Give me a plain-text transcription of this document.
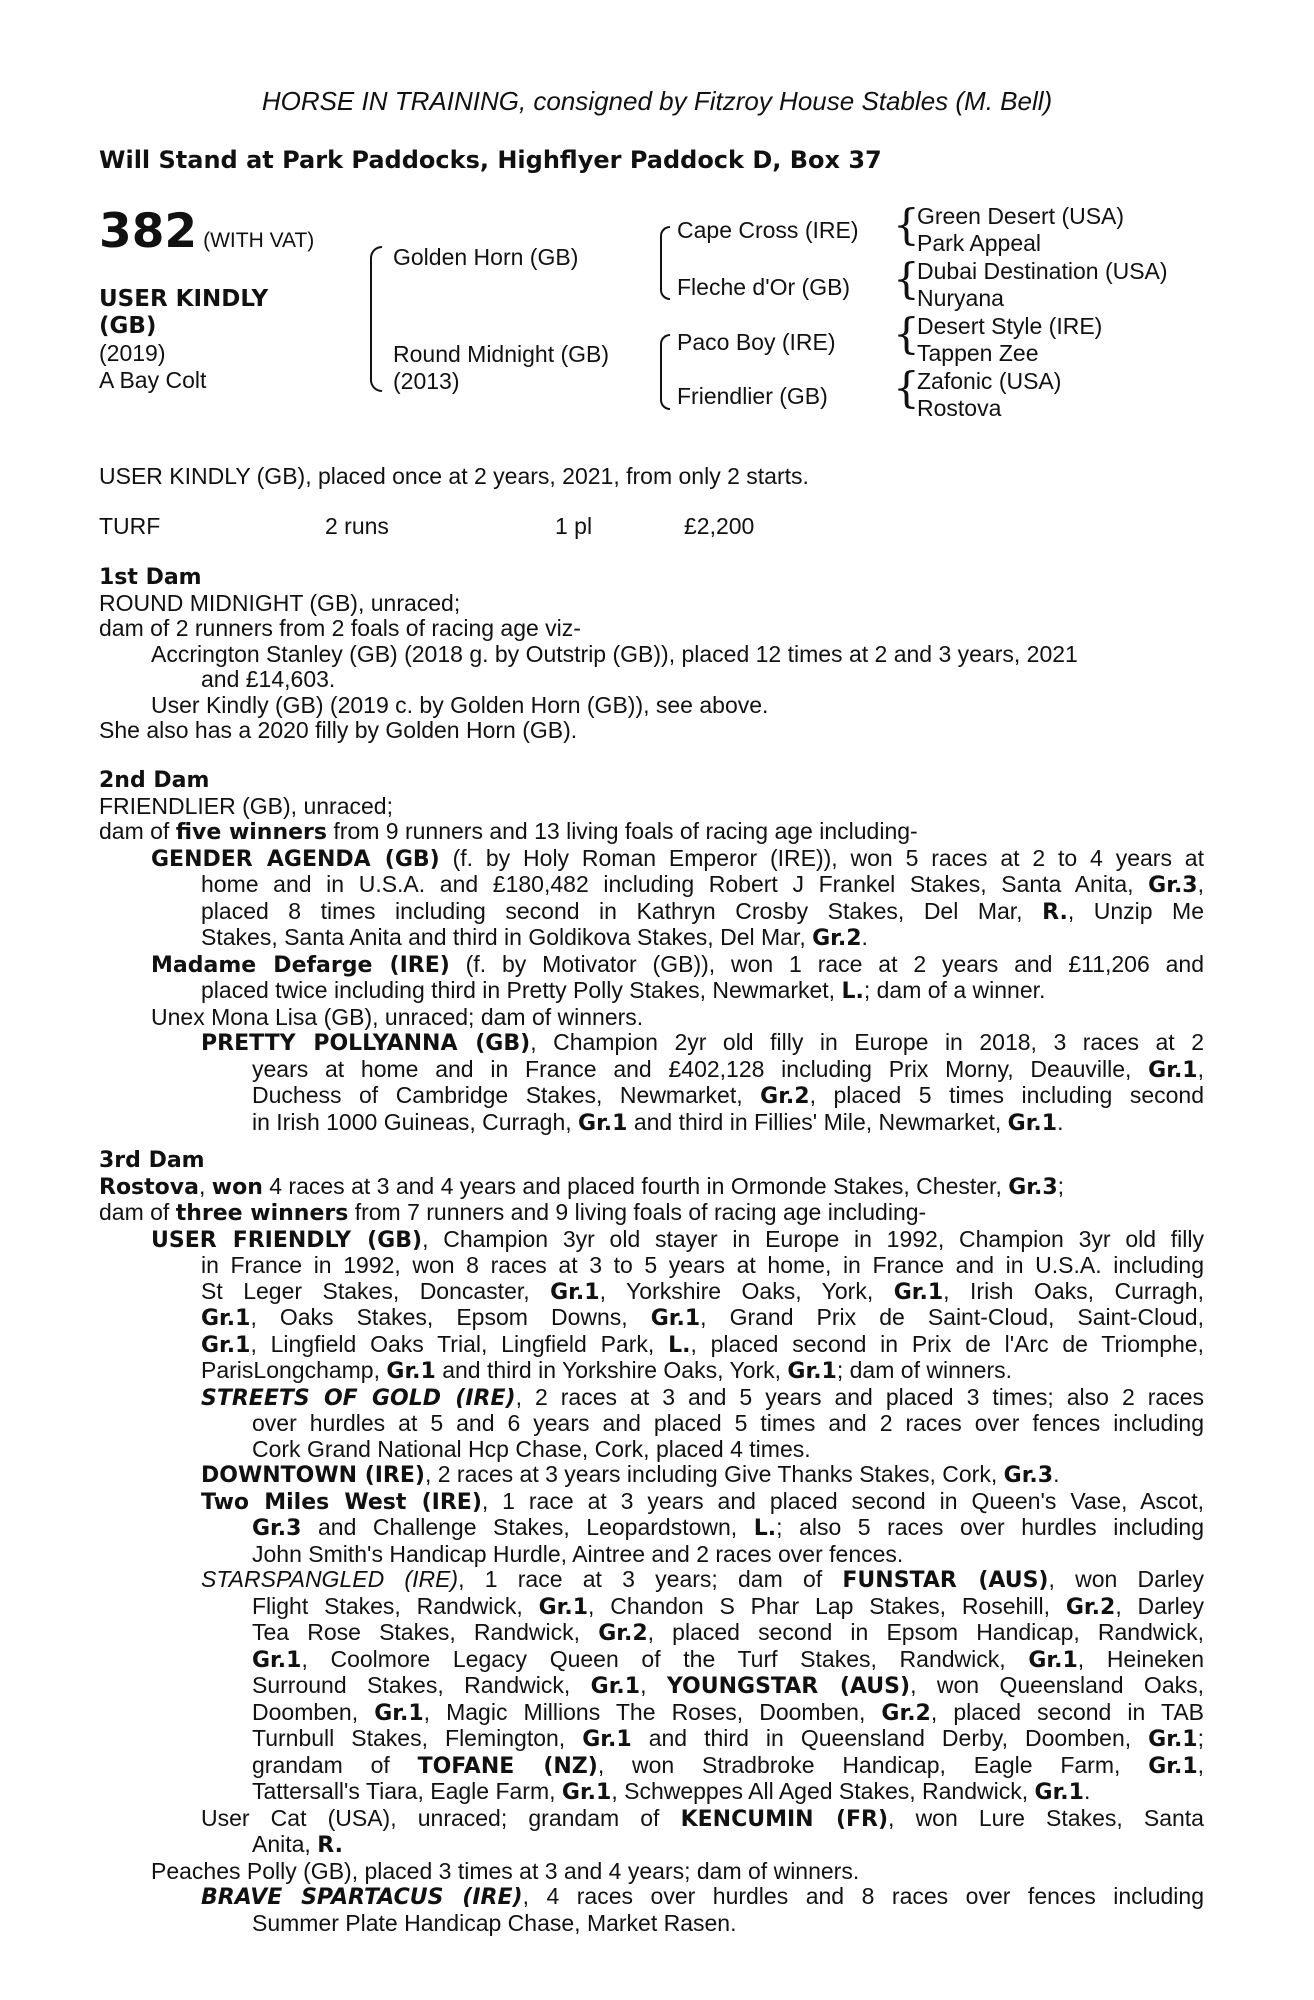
HORSE IN TRAINING, consigned by Fitzroy House Stables (M. Bell)
Will Stand at Park Paddocks, Highflyer Paddock D, Box 37
382 (WITH VAT)
USER KINDLY
(GB)
(2019)
A Bay Colt
Golden Horn (GB)
Round Midnight (GB)
(2013)
Cape Cross (IRE)
Fleche d'Or (GB)
Paco Boy (IRE)
Friendlier (GB)
{
{
{
{
Green Desert (USA)
Park Appeal
Dubai Destination (USA)
Nuryana
Desert Style (IRE)
Tappen Zee
Zafonic (USA)
Rostova
USER KINDLY (GB), placed once at 2 years, 2021, from only 2 starts.
TURF	2 runs	1 pl	£2,200
1st Dam
ROUND MIDNIGHT (GB), unraced;
dam of 2 runners from 2 foals of racing age viz-
Accrington Stanley (GB) (2018 g. by Outstrip (GB)), placed 12 times at 2 and 3 years, 2021
and £14,603.
User Kindly (GB) (2019 c. by Golden Horn (GB)), see above.
She also has a 2020 filly by Golden Horn (GB).
2nd Dam
FRIENDLIER (GB), unraced;
dam of five winners from 9 runners and 13 living foals of racing age including-
GENDER AGENDA (GB) (f. by Holy Roman Emperor (IRE)), won 5 races at 2 to 4 years at
home and in U.S.A. and £180,482 including Robert J Frankel Stakes, Santa Anita, Gr.3,
placed 8 times including second in Kathryn Crosby Stakes, Del Mar, R., Unzip Me
Stakes, Santa Anita and third in Goldikova Stakes, Del Mar, Gr.2.
Madame Defarge (IRE) (f. by Motivator (GB)), won 1 race at 2 years and £11,206 and
placed twice including third in Pretty Polly Stakes, Newmarket, L.; dam of a winner.
Unex Mona Lisa (GB), unraced; dam of winners.
PRETTY POLLYANNA (GB), Champion 2yr old filly in Europe in 2018, 3 races at 2
years at home and in France and £402,128 including Prix Morny, Deauville, Gr.1,
Duchess of Cambridge Stakes, Newmarket, Gr.2, placed 5 times including second
in Irish 1000 Guineas, Curragh, Gr.1 and third in Fillies' Mile, Newmarket, Gr.1.
3rd Dam
Rostova, won 4 races at 3 and 4 years and placed fourth in Ormonde Stakes, Chester, Gr.3;
dam of three winners from 7 runners and 9 living foals of racing age including-
USER FRIENDLY (GB), Champion 3yr old stayer in Europe in 1992, Champion 3yr old filly
in France in 1992, won 8 races at 3 to 5 years at home, in France and in U.S.A. including
St Leger Stakes, Doncaster, Gr.1, Yorkshire Oaks, York, Gr.1, Irish Oaks, Curragh,
Gr.1, Oaks Stakes, Epsom Downs, Gr.1, Grand Prix de Saint-Cloud, Saint-Cloud,
Gr.1, Lingfield Oaks Trial, Lingfield Park, L., placed second in Prix de l'Arc de Triomphe,
ParisLongchamp, Gr.1 and third in Yorkshire Oaks, York, Gr.1; dam of winners.
STREETS OF GOLD (IRE), 2 races at 3 and 5 years and placed 3 times; also 2 races
over hurdles at 5 and 6 years and placed 5 times and 2 races over fences including
Cork Grand National Hcp Chase, Cork, placed 4 times.
DOWNTOWN (IRE), 2 races at 3 years including Give Thanks Stakes, Cork, Gr.3.
Two Miles West (IRE), 1 race at 3 years and placed second in Queen's Vase, Ascot,
Gr.3 and Challenge Stakes, Leopardstown, L.; also 5 races over hurdles including
John Smith's Handicap Hurdle, Aintree and 2 races over fences.
STARSPANGLED (IRE), 1 race at 3 years; dam of FUNSTAR (AUS), won Darley
Flight Stakes, Randwick, Gr.1, Chandon S Phar Lap Stakes, Rosehill, Gr.2, Darley
Tea Rose Stakes, Randwick, Gr.2, placed second in Epsom Handicap, Randwick,
Gr.1, Coolmore Legacy Queen of the Turf Stakes, Randwick, Gr.1, Heineken
Surround Stakes, Randwick, Gr.1, YOUNGSTAR (AUS), won Queensland Oaks,
Doomben, Gr.1, Magic Millions The Roses, Doomben, Gr.2, placed second in TAB
Turnbull Stakes, Flemington, Gr.1 and third in Queensland Derby, Doomben, Gr.1;
grandam of TOFANE (NZ), won Stradbroke Handicap, Eagle Farm, Gr.1,
Tattersall's Tiara, Eagle Farm, Gr.1, Schweppes All Aged Stakes, Randwick, Gr.1.
User Cat (USA), unraced; grandam of KENCUMIN (FR), won Lure Stakes, Santa
Anita, R.
Peaches Polly (GB), placed 3 times at 3 and 4 years; dam of winners.
BRAVE SPARTACUS (IRE), 4 races over hurdles and 8 races over fences including
Summer Plate Handicap Chase, Market Rasen.
